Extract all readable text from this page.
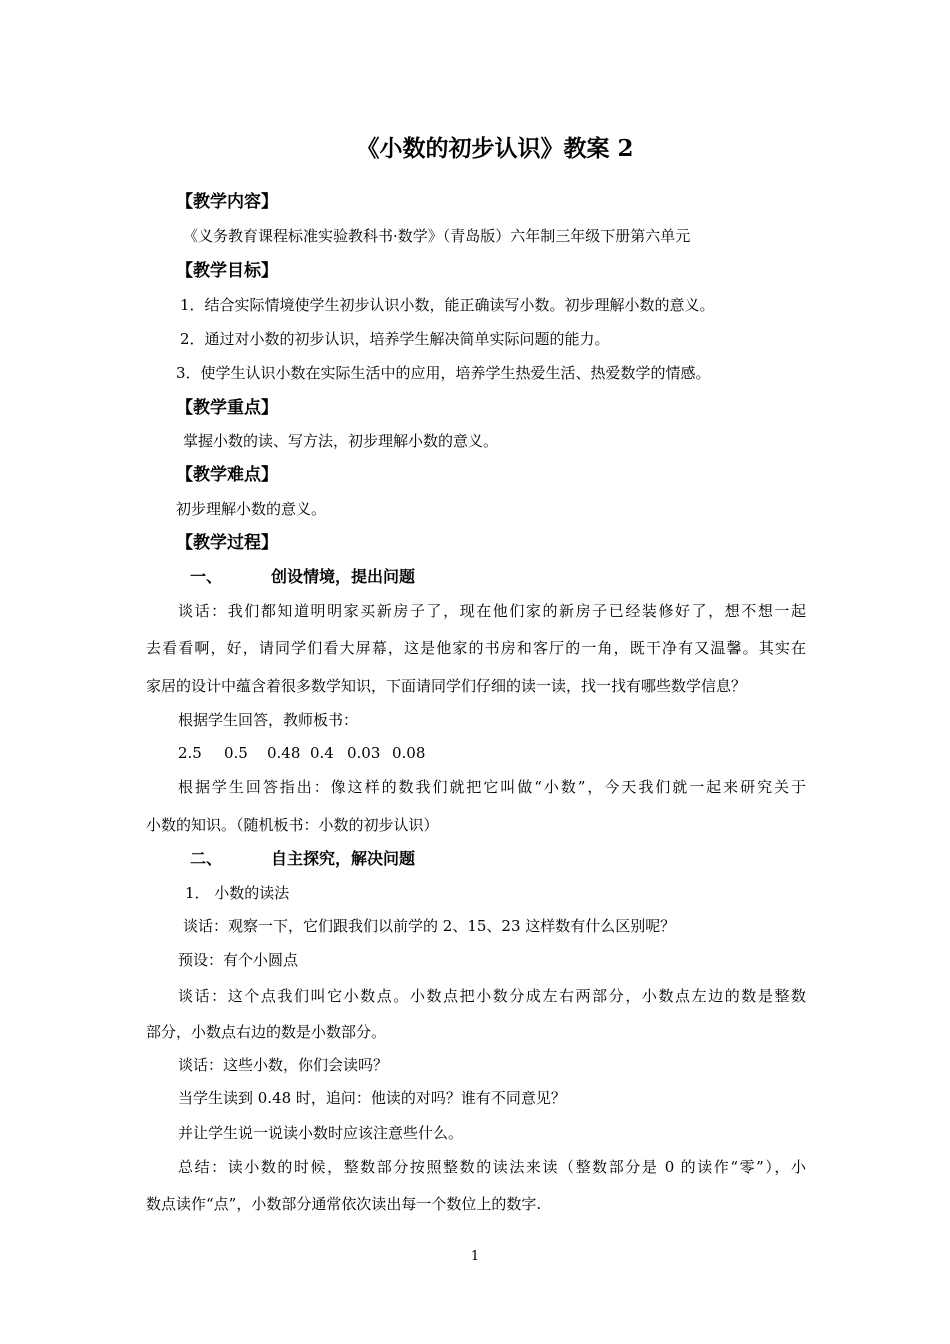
《小数的初步认识》教案 2
【教学内容】
《义务教育课程标准实验教科书·数学》（青岛版）六年制三年级下册第六单元
【教学目标】
1．结合实际情境使学生初步认识小数，能正确读写小数。初步理解小数的意义。
2．通过对小数的初步认识，培养学生解决简单实际问题的能力。
3．使学生认识小数在实际生活中的应用，培养学生热爱生活、热爱数学的情感。
【教学重点】
掌握小数的读、写方法，初步理解小数的意义。
【教学难点】
初步理解小数的意义。
【教学过程】
一、	创设情境，提出问题
谈话：我们都知道明明家买新房子了，现在他们家的新房子已经装修好了，想不想一起
去看看啊，好，请同学们看大屏幕，这是他家的书房和客厅的一角，既干净有又温馨。其实在
家居的设计中蕴含着很多数学知识，下面请同学们仔细的读一读，找一找有哪些数学信息？
根据学生回答，教师板书：
2.5 0.5 0.48 0.4 0.03 0.08
根据学生回答指出：像这样的数我们就把它叫做“小数”，今天我们就一起来研究关于
小数的知识。（随机板书：小数的初步认识）
二、	自主探究，解决问题
1． 小数的读法
谈话：观察一下，它们跟我们以前学的 2、15、23 这样数有什么区别呢？
预设：有个小圆点
谈话：这个点我们叫它小数点。小数点把小数分成左右两部分，小数点左边的数是整数
部分，小数点右边的数是小数部分。
谈话：这些小数，你们会读吗？
当学生读到 0.48 时，追问：他读的对吗？谁有不同意见？
并让学生说一说读小数时应该注意些什么。
总结：读小数的时候，整数部分按照整数的读法来读（整数部分是 0 的读作“零”），小
数点读作“点”，小数部分通常依次读出每一个数位上的数字.
1
